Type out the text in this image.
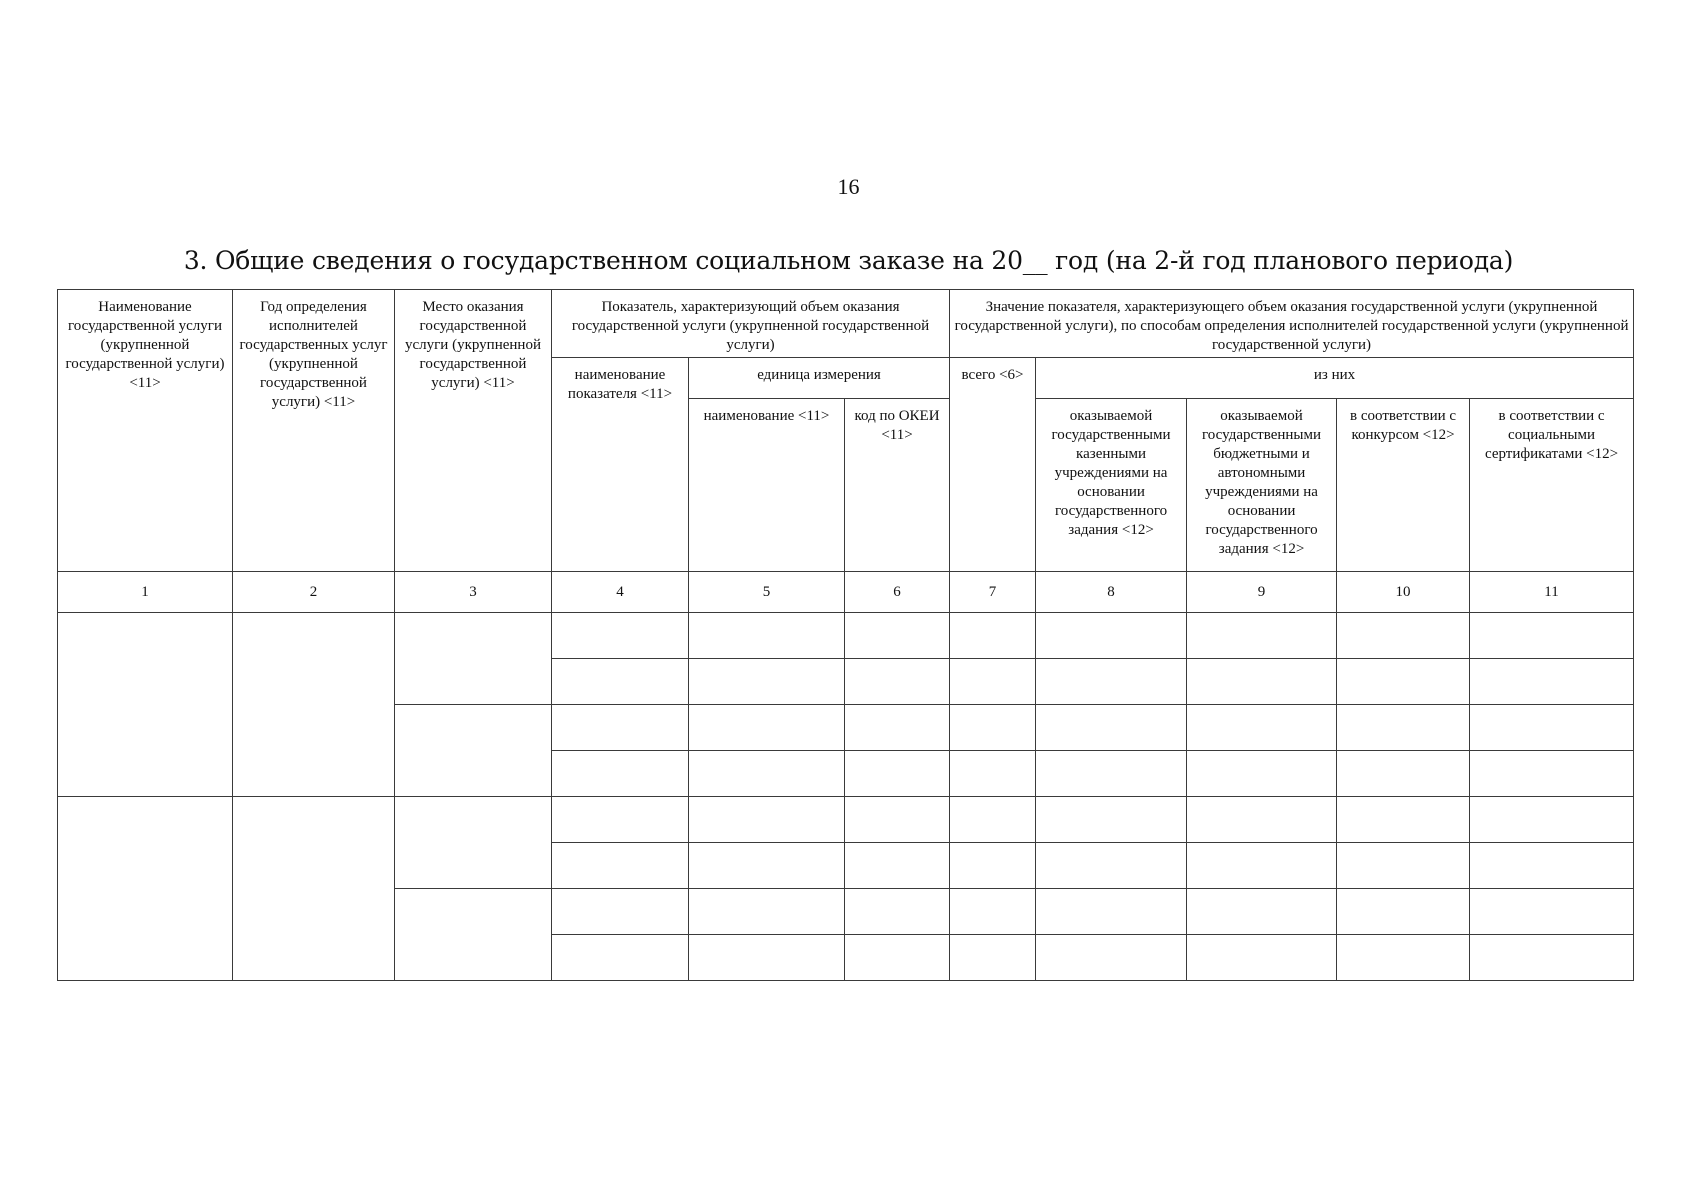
16
3. Общие сведения о государственном социальном заказе на 20__ год (на 2-й год планового периода)
Наименование государственной услуги (укрупненной государственной услуги) <11>	Год определения исполнителей государственных услуг (укрупненной государственной услуги) <11>	Место оказания государственной услуги (укрупненной государственной услуги) <11>	Показатель, характеризующий объем оказания государственной услуги (укрупненной государственной услуги)			Значение показателя, характеризующего объем оказания государственной услуги (укрупненной государственной услуги), по способам определения исполнителей государственной услуги (укрупненной государственной услуги)				
			наименование показателя <11>	единица измерения		всего <6>	из них			
				наименование <11>	код по ОКЕИ <11>		оказываемой государственными казенными учреждениями на основании государственного задания <12>	оказываемой государственными бюджетными и автономными учреждениями на основании государственного задания <12>	в соответствии с конкурсом <12>	в соответствии с социальными сертификатами <12>
1	2	3	4	5	6	7	8	9	10	11
